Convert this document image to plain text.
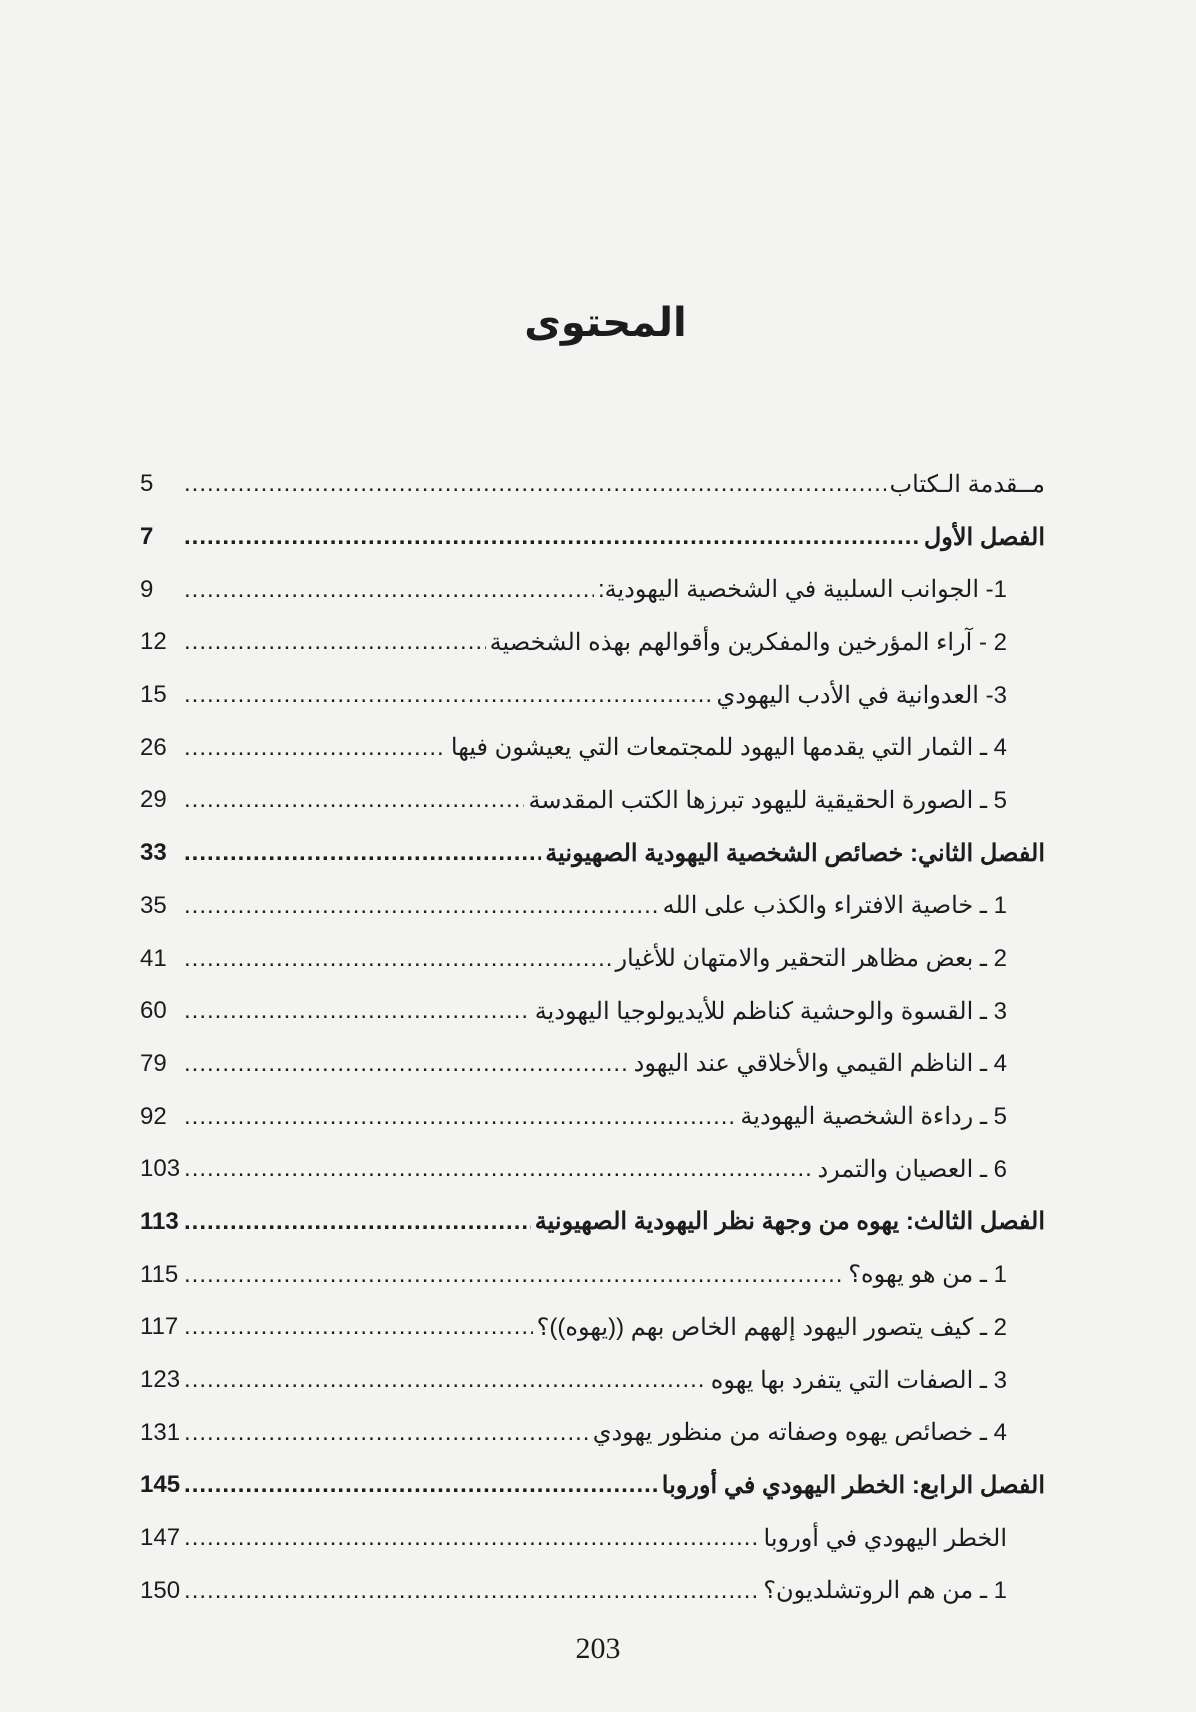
المحتوى
مــقدمة الـكتاب
.....
5
الفصل الأول
.....
7
1- الجوانب السلبية في الشخصية اليهودية:
.....
9
2 - آراء المؤرخين والمفكرين وأقوالهم بهذه الشخصية
.....
12
3- العدوانية في الأدب اليهودي
.....
15
4 ـ الثمار التي يقدمها اليهود للمجتمعات التي يعيشون فيها
.....
26
5 ـ الصورة الحقيقية لليهود تبرزها الكتب المقدسة
.....
29
الفصل الثاني: خصائص الشخصية اليهودية الصهيونية
.....
33
1 ـ خاصية الافتراء والكذب على الله
.....
35
2 ـ بعض مظاهر التحقير والامتهان للأغيار
.....
41
3 ـ القسوة والوحشية كناظم للأيديولوجيا اليهودية
.....
60
4 ـ الناظم القيمي والأخلاقي عند اليهود
.....
79
5 ـ رداءة الشخصية اليهودية
.....
92
6 ـ العصيان والتمرد
.....
103
الفصل الثالث: يهوه من وجهة نظر اليهودية الصهيونية
.....
113
1 ـ من هو يهوه؟
.....
115
2 ـ كيف يتصور اليهود إلههم الخاص بهم ((يهوه))؟
.....
117
3 ـ الصفات التي يتفرد بها يهوه
.....
123
4 ـ خصائص يهوه وصفاته من منظور يهودي
.....
131
الفصل الرابع: الخطر اليهودي في أوروبا
.....
145
الخطر اليهودي في أوروبا
.....
147
1 ـ من هم الروتشلديون؟
.....
150
203
